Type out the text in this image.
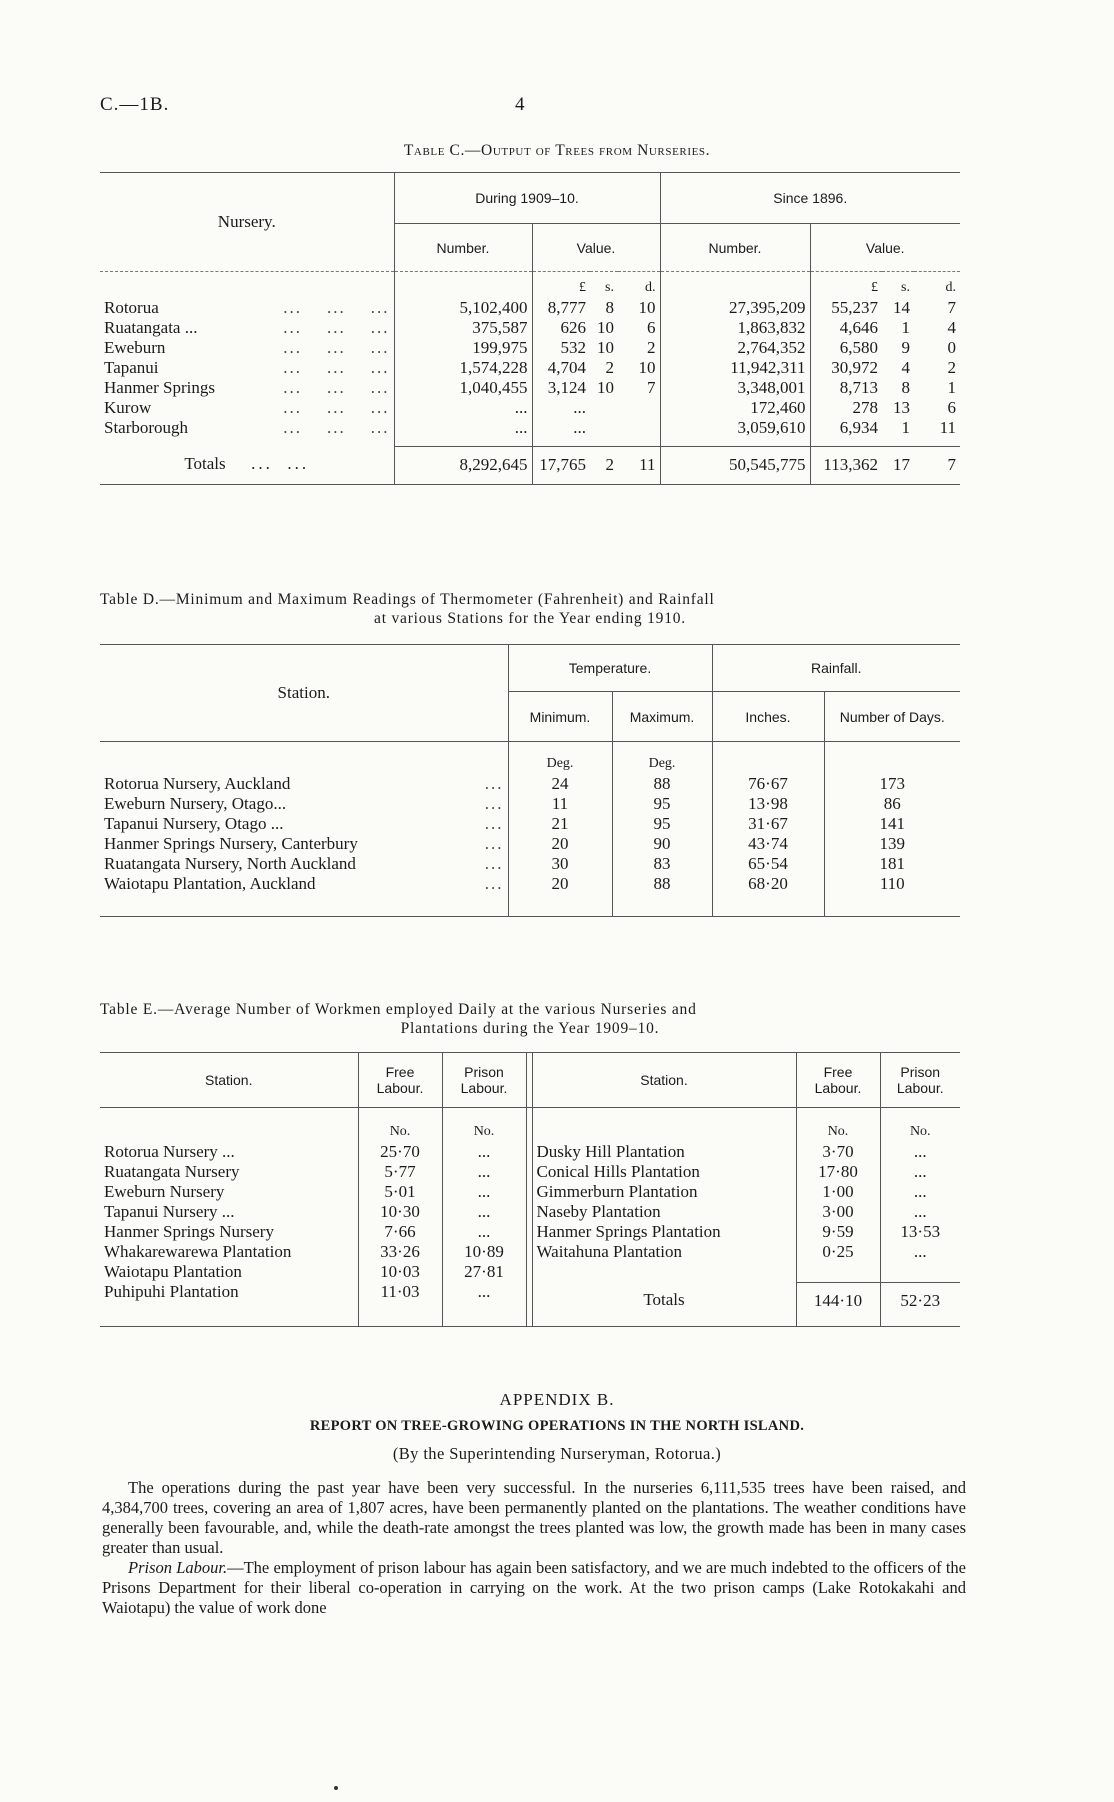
C.—1B.	4
Table C.—Output of Trees from Nurseries.
Nursery.	During 1909–10.				Since 1896.			
	Number.	Value.			Number.	Value.		
		£	s.	d.		£	s.	d.
Rotorua ...    ...    ...	5,102,400	8,777	8	10	27,395,209	55,237	14	7
Ruatangata ... ...    ...    ...	375,587	626	10	6	1,863,832	4,646	1	4
Eweburn ...    ...    ...	199,975	532	10	2	2,764,352	6,580	9	0
Tapanui ...    ...    ...	1,574,228	4,704	2	10	11,942,311	30,972	4	2
Hanmer Springs ...    ...    ...	1,040,455	3,124	10	7	3,348,001	8,713	8	1
Kurow ...    ...    ...	...	...			172,460	278	13	6
Starborough ...    ...    ...	...	...			3,059,610	6,934	1	11

Totals ...  ...	8,292,645	17,765	2	11	50,545,775	113,362	17	7
Table D.—Minimum and Maximum Readings of Thermometer (Fahrenheit) and Rainfall
at various Stations for the Year ending 1910.
Station.	Temperature.		Rainfall.	
	Minimum.	Maximum.	Inches.	Number of Days.
	Deg.	Deg.		
Rotorua Nursery, Auckland ...	24	88	76·67	173
Eweburn Nursery, Otago... ...	11	95	13·98	86
Tapanui Nursery, Otago ... ...	21	95	31·67	141
Hanmer Springs Nursery, Canterbury ...	20	90	43·74	139
Ruatangata Nursery, North Auckland ...	30	83	65·54	181
Waiotapu Plantation, Auckland ...	20	88	68·20	110

Table E.—Average Number of Workmen employed Daily at the various Nurseries and
Plantations during the Year 1909–10.
Station.	Free Labour.	Prison Labour.		Station.	Free Labour.	Prison Labour.
	No.	No.			No.	No.
Rotorua Nursery ...	25·70	...		Dusky Hill Plantation	3·70	...
Ruatangata Nursery	5·77	...		Conical Hills Plantation	17·80	...
Eweburn Nursery	5·01	...		Gimmerburn Plantation	1·00	...
Tapanui Nursery ...	10·30	...		Naseby Plantation	3·00	...
Hanmer Springs Nursery	7·66	...		Hanmer Springs Plantation	9·59	13·53
Whakarewarewa Plantation	33·26	10·89		Waitahuna Plantation	0·25	...
Waiotapu Plantation	10·03	27·81				
Puhipuhi Plantation	11·03	...		Totals	144·10	52·23

APPENDIX B.
REPORT ON TREE-GROWING OPERATIONS IN THE NORTH ISLAND.
(By the Superintending Nurseryman, Rotorua.)

The operations during the past year have been very successful. In the nurseries 6,111,535 trees have been raised, and 4,384,700 trees, covering an area of 1,807 acres, have been permanently planted on the plantations. The weather conditions have generally been favourable, and, while the death-rate amongst the trees planted was low, the growth made has been in many cases greater than usual.

Prison Labour.—The employment of prison labour has again been satisfactory, and we are much indebted to the officers of the Prisons Department for their liberal co-operation in carrying on the work. At the two prison camps (Lake Rotokakahi and Waiotapu) the value of work done
